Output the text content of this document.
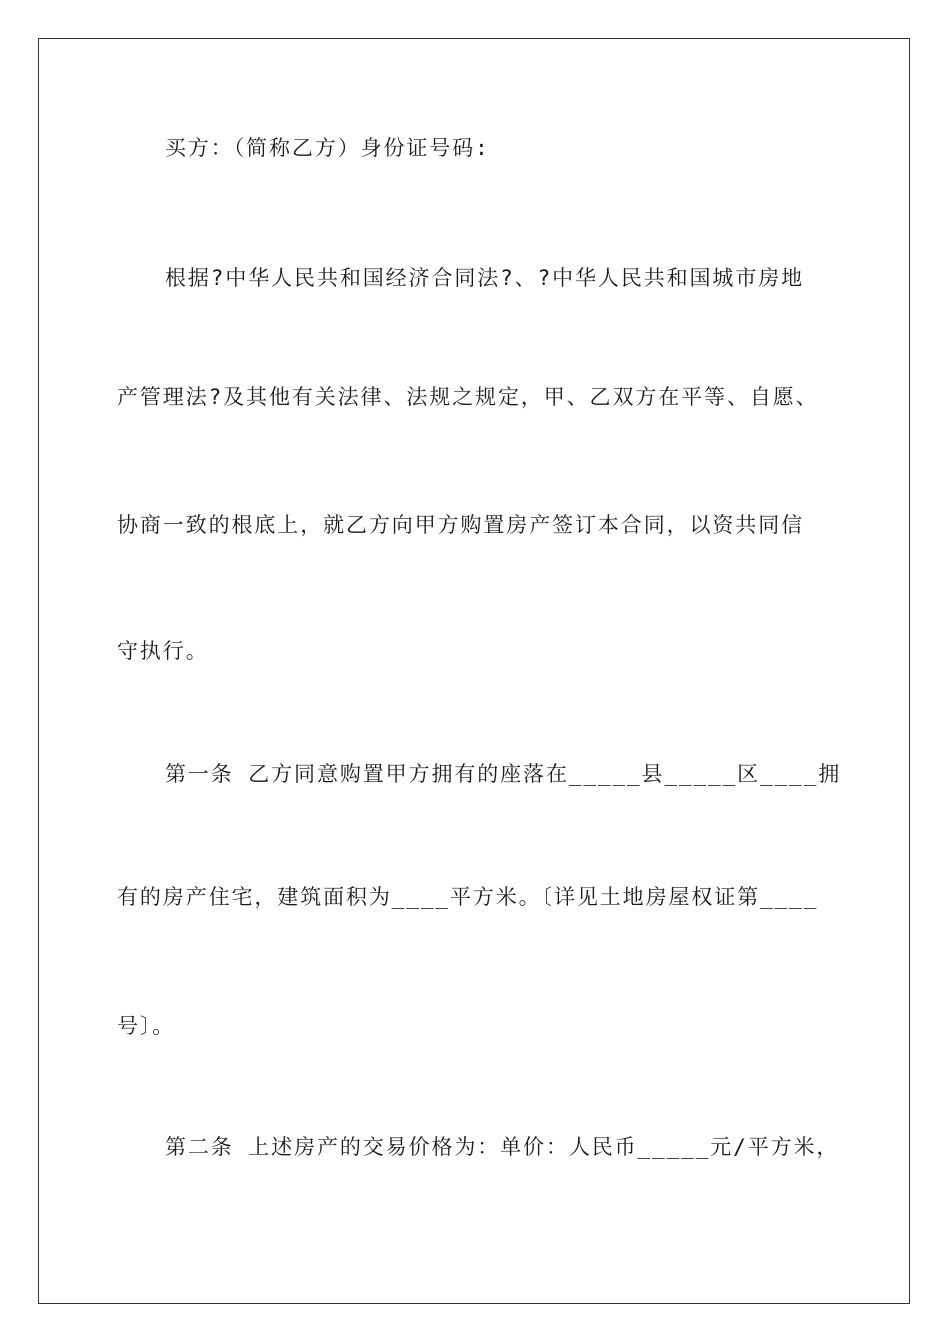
买方：（简称乙方）身份证号码:
根据?中华人民共和国经济合同法?、?中华人民共和国城市房地
产管理法?及其他有关法律、法规之规定，甲、乙双方在平等、自愿、
协商一致的根底上，就乙方向甲方购置房产签订本合同，以资共同信
守执行。
第一条 乙方同意购置甲方拥有的座落在_____县_____区____拥
有的房产住宅，建筑面积为____平方米。〔详见土地房屋权证第____
号〕。
第二条 上述房产的交易价格为：单价：人民币_____元/平方米，
